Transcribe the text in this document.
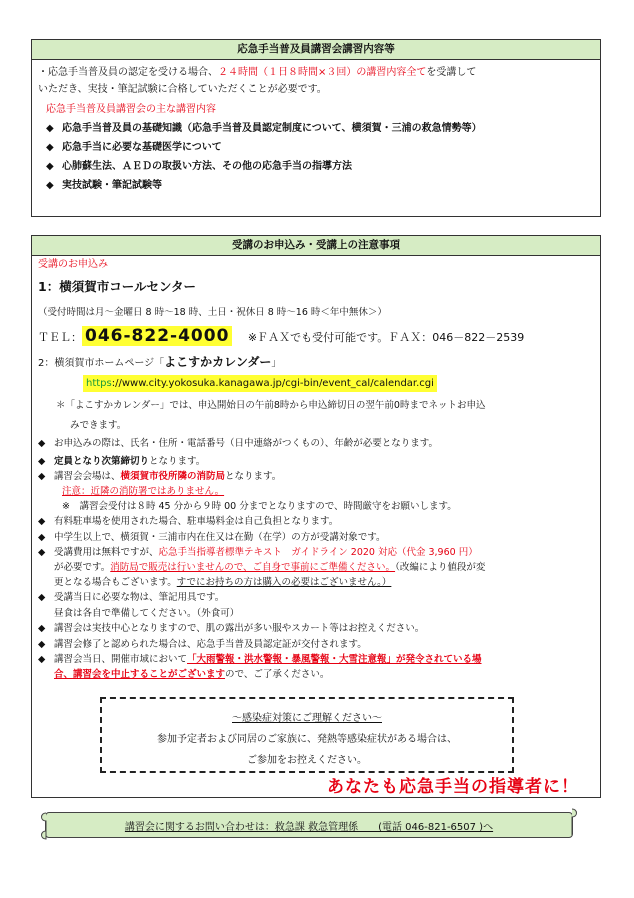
応急手当普及員講習会講習内容等
・応急手当普及員の認定を受ける場合、２４時間（１日８時間×３回）の講習内容全てを受講して
いただき、実技・筆記試験に合格していただくことが必要です。
応急手当普及員講習会の主な講習内容
◆ 応急手当普及員の基礎知識（応急手当普及員認定制度について、横須賀・三浦の救急情勢等）
◆ 応急手当に必要な基礎医学について
◆ 心肺蘇生法、ＡＥＤの取扱い方法、その他の応急手当の指導方法
◆ 実技試験・筆記試験等
受講のお申込み・受講上の注意事項
受講のお申込み
1：横須賀市コールセンター
（受付時間は月～金曜日 8 時～18 時、土日・祝休日 8 時～16 時＜年中無休＞）
ＴＥＬ： 046-822-4000 ※ＦＡＸでも受付可能です。ＦＡＸ：046－822－2539
2：横須賀市ホームページ「よこすかカレンダー」
https://www.city.yokosuka.kanagawa.jp/cgi-bin/event_cal/calendar.cgi
＊「よこすかカレンダー」では、申込開始日の午前8時から申込締切日の翌午前0時までネットお申込
みできます。
◆ お申込みの際は、氏名・住所・電話番号（日中連絡がつくもの）、年齢が必要となります。
◆ 定員となり次第締切りとなります。
◆ 講習会会場は、横須賀市役所隣の消防局となります。
注意：近隣の消防署ではありません。
※　講習会受付は８時 45 分から９時 00 分までとなりますので、時間厳守をお願いします。
◆ 有料駐車場を使用された場合、駐車場料金は自己負担となります。
◆ 中学生以上で、横須賀・三浦市内在住又は在勤（在学）の方が受講対象です。
◆ 受講費用は無料ですが、応急手当指導者標準テキスト　ガイドライン 2020 対応（代金 3,960 円）
が必要です。消防局で販売は行いませんので、ご自身で事前にご準備ください。（改編により値段が変
更となる場合もございます。すでにお持ちの方は購入の必要はございません。）
◆ 受講当日に必要な物は、筆記用具です。
昼食は各自で準備してください。（外食可）
◆ 講習会は実技中心となりますので、肌の露出が多い服やスカート等はお控えください。
◆ 講習会修了と認められた場合は、応急手当普及員認定証が交付されます。
◆ 講習会当日、開催市域において「大雨警報・洪水警報・暴風警報・大雪注意報」が発令されている場
合、講習会を中止することがございますので、ご了承ください。
～感染症対策にご理解ください～
参加予定者および同居のご家族に、発熱等感染症状がある場合は、
ご参加をお控えください。
あなたも応急手当の指導者に！
講習会に関するお問い合わせは：救急課 救急管理係　　(電話 046-821-6507 )へ
